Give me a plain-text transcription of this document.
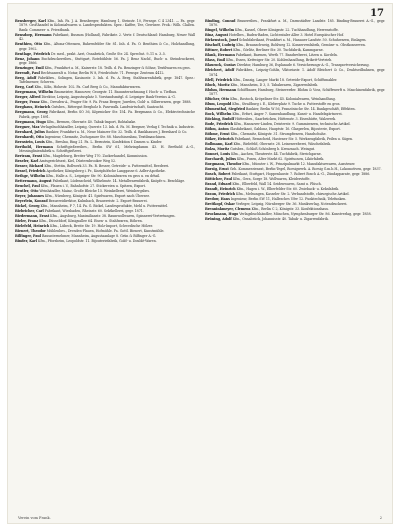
17

Bensberger, Karl Kfm., Inh. Fa. J. A. Bensberger, Hamburg 1, Steinstr. 10, Fernspr. C 4 2341. — Fa. gegr. 1879. Großhandel in Kolonialwaren u. Landesprodukten. Spez.: Kaffee, Tee, Gewürze. Prok.: Wilh. Claßen. Bank: Commerz- u. Privatbank.

Bensdorp, Hermann Fabrikant, Bussum (Holland), Fabrikstr. 2. Vertr. f. Deutschland: Hamburg, Neuer Wall 42.

Benthien, Otto Kfm., Altona-Ottensen, Bahrenfelder Str. 81. Inh. d. Fa. O. Benthien & Co., Holzhandlung, gegr. 1902.

Bentlage, Friedrich Dr. med., prakt. Arzt, Osnabrück, Große Str. 24. Sprechst. 9–11 u. 3–5.

Benz, Johann Buchdruckereibes., Stuttgart, Rotebühlstr. 56. Fa. J. Benz Nachf., Buch- u. Steindruckerei, gegr. 1866.

Benzinger, Emil Kfm., Frankfurt a. M., Kaiserstr. 18. Teilh. d. Fa. Benzinger & Söhne, Textilwaren en gros.

Berendt, Paul Rechtsanwalt u. Notar, Berlin W 8, Friedrichstr. 71. Fernspr. Zentrum 4412.

Berg, Adolf Fabrikbes., Solingen, Kasinostr. 3. Inh. d. Fa. A. Berg, Stahlwarenfabrik, gegr. 1847. Spez.: Tafelmesser, Scheren.

Berg, Carl Kfm., Köln, Hohestr. 102. Fa. Carl Berg & Co., Manufakturwaren.

Bergemann, Wilhelm Baumeister, Hannover, Georgstr. 11. Bauunternehmung f. Hoch- u. Tiefbau.

Berger, Alfred Direktor, Leipzig, Augustusplatz 5. Vorstandsmitgl. d. Leipziger Bank-Vereins A.-G.

Berger, Franz Kfm., Dresden-A., Prager Str. 9. Fa. Franz Berger, Juwelen, Gold- u. Silberwaren, gegr. 1888.

Berghaus, Heinrich Gutsbes., Rittergut Bergholz b. Pasewalk. Landwirtschaft, Saatzucht.

Bergmann, Georg Fabrikant, Berlin SO 36, Köpenicker Str. 154. Fa. Bergmann & Co., Elektrotechnische Fabrik, gegr. 1891.

Bergmann, Hugo Kfm., Bremen, Obernstr. 40. Tabak-Import, Rohtabake.

Bergner, Max Verlagsbuchhändler, Leipzig, Querstr. 13. Inh. d. Fa. M. Bergner, Verlag f. Technik u. Industrie.

Bernhard, Julius Bankier, Frankfurt a. M., Neue Mainzer Str. 32. Teilh. d. Bankhauses J. Bernhard & Co.

Bernhardt, Otto Ingenieur, Chemnitz, Zschopauer Str. 88. Maschinenbau, Textilmaschinen.

Bernstein, Louis Kfm., Breslau, Ring 21. Fa. L. Bernstein, Konfektion f. Damen u. Kinder.

Berthold, Hermann Schriftgießereibes., Berlin SW 61, Mehringdamm 43. H. Berthold A.-G., Messinglinienfabrik u. Schriftgießerei.

Bertram, Ernst Kfm., Magdeburg, Breiter Weg 170. Zuckerhandel, Kommission.

Beseler, Karl Amtsgerichtsrat, Kiel, Düsternbrooker Weg 52.

Besser, Richard Kfm., Stettin, Bollwerk 33. Fa. R. Besser, Getreide- u. Futtermittel, Reederei.

Bessel, Friedrich Apotheker, Königsberg i. Pr., Kneiphöfsche Langgasse 6. Adler-Apotheke.

Bethge, Wilhelm Kfm., Halle a. S., Leipziger Str. 90. Kolonialwaren en gros u. en détail.

Bettermann, August Fabrikant, Lüdenscheid, Wilhelmstr. 14. Metallwarenfabrik, Knöpfe u. Beschläge.

Beuchel, Paul Kfm., Plauen i. V., Bahnhofstr. 27. Stickereien u. Spitzen, Export.

Beutler, Otto Weinhändler, Mainz, Große Bleiche 15. Weinkellerei, Weinbergsbes.

Beyer, Johannes Kfm., Nürnberg, Königstr. 41. Spielwaren, Export nach Übersee.

Beyerlein, Konrad Brauereidirektor, Kulmbach, Brauereistr. 2. Export-Brauerei.

Bickel, Georg Kfm., Mannheim, P 7, 14. Fa. G. Bickel, Landesprodukte, Mehl u. Futtermittel.

Biebricher, Carl Fabrikant, Wiesbaden, Rheinstr. 60. Sektkellerei, gegr. 1871.

Biedermann, Ernst Kfm., Augsburg, Maximilianstr. 38. Baumwollwaren, Spinnerei-Vertretungen.

Bieler, Franz Kfm., Düsseldorf, Königsallee 64. Eisen- u. Stahlwaren, Röhren.

Bielefeld, Heinrich Kfm., Lübeck, Breite Str. 19. Holz-Import, Schwedische Hölzer.

Bienert, Theodor Mühlenbes., Dresden-Plauen, Hofmühle. Fa. Gottl. Bienert, Kunstmühle.

Bilfinger, Paul Bauunternehmer, Mannheim, Augustaanlage 8. Grün & Bilfinger A.-G.

Binder, Karl Kfm., Pforzheim, Leopoldstr. 11. Bijouteriefabrik, Gold- u. Doublé-Waren.

Binding, Conrad Brauereibes., Frankfurt a. M., Darmstädter Landstr. 185. Binding-Brauerei A.-G., gegr. 1870.

Bingel, Wilhelm Kfm., Kassel, Obere Königsstr. 22. Tuchhandlung, Herrenstoffe.

Binz, August Hotelbes., Baden-Baden, Lichtentaler Allee 3. Hotel Europäischer Hof.

Birkenstock, Josef Schuhfabrikant, Frankfurt a. M., Hanauer Landstr. 50. Schuhwaren, Einlagen.

Bischoff, Ludwig Kfm., Braunschweig, Bohlweg 12. Konservenfabrik, Gemüse- u. Obstkonserven.

Bittner, Robert Kfm., Görlitz, Berliner Str. 30. Tuchfabrik, Kammgarne.

Blank, Hermann Fabrikant, Barmen, Werth 77. Bandweberei, Litzen u. Kordeln.

Blass, Emil Kfm., Essen, Kettwiger Str. 20. Kohlenhandlung, Brikett-Vertrieb.

Blaurock, Gustav Direktor, Hamburg 36, Esplanade 6. Versicherungs-A.-G., Transportversicherung.

Bleichert, Adolf Fabrikbes., Leipzig-Gohlis, Viktoriastr. 1. Adolf Bleichert & Co., Drahtseilbahnen, gegr. 1874.

Blell, Friedrich Kfm., Danzig, Langer Markt 18. Getreide-Export, Schiffsmakler.

Bloch, Moritz Kfm., Mannheim, D 3, 5. Tabakwaren, Zigarrenfabrik.

Blohm, Hermann Schiffbauer, Hamburg, Steinwerder. Blohm & Voss, Schiffswerft u. Maschinenfabrik, gegr. 1877.

Blücher, Otto Kfm., Rostock, Kröpeliner Str. 45. Kolonialwaren, Weinhandlung.

Blum, Leopold Kfm., Straßburg i. E., Kleberplatz 9. Tuche u. Futterstoffe en gros.

Blumenthal, Siegfried Bankier, Berlin W 56, Französische Str. 14. Bankgeschäft, Effekten.

Bock, Wilhelm Kfm., Erfurt, Anger 7. Samenhandlung, Kunst- u. Handelsgärtnerei.

Böcking, Rudolf Hüttenbes., Saarbrücken, Hüttenstr. 3. Eisenhütte, Walzwerk.

Bode, Friedrich Kfm., Hannover-Linden, Deisterstr. 9. Gummiwaren, technische Artikel.

Böhm, Anton Glasfabrikant, Gablonz, Hauptstr. 16. Glasperlen, Bijouterie, Export.

Böhme, Ernst Kfm., Chemnitz, Königstr. 31. Strumpfwaren, Handschuhe.

Böker, Heinrich Fabrikant, Remscheid, Hastener Str. 5. Werkzeugfabrik, Feilen u. Sägen.

Bollmann, Karl Kfm., Bielefeld, Obernstr. 28. Leinenweberei, Wäschefabrik.

Bolza, Moritz Gutsbes., Schloß Schönberg b. Kreuznach. Weingut.

Bonnet, Louis Kfm., Aachen, Theaterstr. 44. Tuchfabrik, Streichgarne.

Borchardt, Julius Kfm., Posen, Alter Markt 62. Spirituosen, Likörfabrik.

Borgmann, Theodor Kfm., Münster i. W., Prinzipalmarkt 12. Manufakturwaren, Aussteuer.

Borsig, Ernst Geh. Kommerzienrat, Berlin-Tegel, Borsigwerk. A. Borsig G.m.b.H., Lokomotiven, gegr. 1837.

Bosch, Robert Fabrikant, Stuttgart, Hoppenlaustr. 7. Robert Bosch A.-G., Zündapparate, gegr. 1886.

Bötticher, Paul Kfm., Gera, Sorge 18. Wollwaren, Kleiderstoffe.

Brand, Eduard Kfm., Elberfeld, Wall 14. Seidenwaren, Samt u. Plüsch.

Brandt, Heinrich Kfm., Hagen i. W., Elberfelder Str. 60. Zwieback- u. Keksfabrik.

Braun, Friedrich Kfm., Melsungen, Kasseler Str. 2. Verbandstoffe, chirurgische Artikel.

Bredow, Hans Ingenieur, Berlin SW 11, Hallesches Ufer 12. Funktechnik, Telefunken.

Breitkopf, Oskar Verleger, Leipzig, Nürnberger Str. 36. Musikverlag, Notendruckerei.

Brenninkmeyer, Clemens Kfm., Berlin C 2, Königstr. 33. Konfektionshaus.

Bruckmann, Hugo Verlagsbuchhändler, München, Nymphenburger Str. 86. Kunstverlag, gegr. 1858.

Brüning, Adolf Kfm., Osnabrück, Johannisstr. 40. Tabak- u. Zigarrenfabrik.

Verein vom Frank.	2
